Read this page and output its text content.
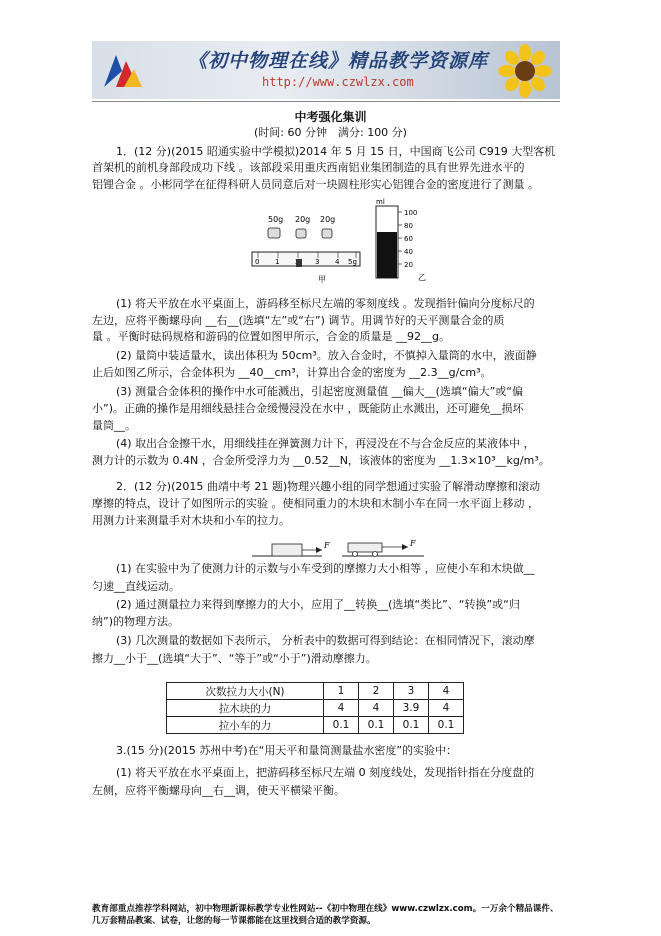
《初中物理在线》精品教学资源库
http://www.czwlzx.com
中考强化集训
(时间: 60 分钟　满分: 100 分)
1．(12 分)(2015 昭通实验中学模拟)2014 年 5 月 15 日，中国商飞公司 C919 大型客机
首架机的前机身部段成功下线 。该部段采用重庆西南铝业集团制造的具有世界先进水平的
铝锂合金 。小彬同学在征得科研人员同意后对一块圆柱形实心铝锂合金的密度进行了测量 。
50g 20g 20g
0 1	3 4 5g
甲
ml
100
80
60
40
20
乙
(1) 将天平放在水平桌面上，游码移至标尺左端的零刻度线 。发现指针偏向分度标尺的
左边，应将平衡螺母向 __右__(选填“左”或“右”) 调节。用调节好的天平测量合金的质
量 。平衡时砝码规格和游码的位置如图甲所示，合金的质量是 __92__g。
(2) 量筒中装适量水，读出体积为 50cm³。放入合金时，不慎掉入量筒的水中，液面静
止后如图乙所示，合金体积为 __40__cm³，计算出合金的密度为 __2.3__g/cm³。
(3) 测量合金体积的操作中水可能溅出，引起密度测量值 __偏大__(选填“偏大”或“偏
小”)。正确的操作是用细线悬挂合金缓慢浸没在水中 ，既能防止水溅出，还可避免__损坏
量筒__。
(4) 取出合金擦干水，用细线挂在弹簧测力计下，再浸没在不与合金反应的某液体中 ，
测力计的示数为 0.4N ，合金所受浮力为 __0.52__N，该液体的密度为 __1.3×10³__kg/m³。
2．(12 分)(2015 曲靖中考 21 题)物理兴趣小组的同学想通过实验了解滑动摩擦和滚动
摩擦的特点，设计了如图所示的实验 。使相同重力的木块和木制小车在同一水平面上移动 ，
用测力计来测量手对木块和小车的拉力。
F	F
(1) 在实验中为了使测力计的示数与小车受到的摩擦力大小相等 ，应使小车和木块做__
匀速__直线运动。
(2) 通过测量拉力来得到摩擦力的大小，应用了__转换__(选填“类比”、“转换”或“归
纳”)的物理方法。
(3) 几次测量的数据如下表所示， 分析表中的数据可得到结论：在相同情况下，滚动摩
擦力__小于__(选填“大于”、“等于”或“小于”)滑动摩擦力。
次数拉力大小(N)	1	2	3	4
拉木块的力	4	4	3.9	4
拉小车的力	0.1	0.1	0.1	0.1
3.(15 分)(2015 苏州中考)在“用天平和量筒测量盐水密度”的实验中：
(1) 将天平放在水平桌面上，把游码移至标尺左端 0 刻度线处，发现指针指在分度盘的
左侧，应将平衡螺母向__右__调，使天平横梁平衡。
教育部重点推荐学科网站，初中物理新课标教学专业性网站--《初中物理在线》www.czwlzx.com。一万余个精品课件、
几万套精品教案、试卷，让您的每一节课都能在这里找到合适的教学资源。
